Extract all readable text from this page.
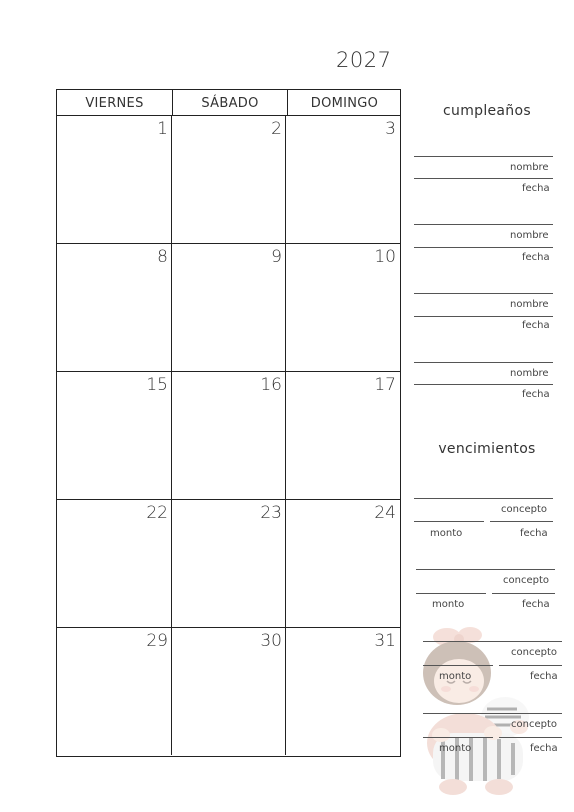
2027
VIERNES	SÁBADO	DOMINGO
1	2	3
8	9	10
15	16	17
22	23	24
29	30	31
cumpleaños
nombre
fecha
nombre
fecha
nombre
fecha
nombre
fecha
vencimientos
concepto
monto	fecha
concepto
monto	fecha
concepto
monto	fecha
concepto
monto	fecha
